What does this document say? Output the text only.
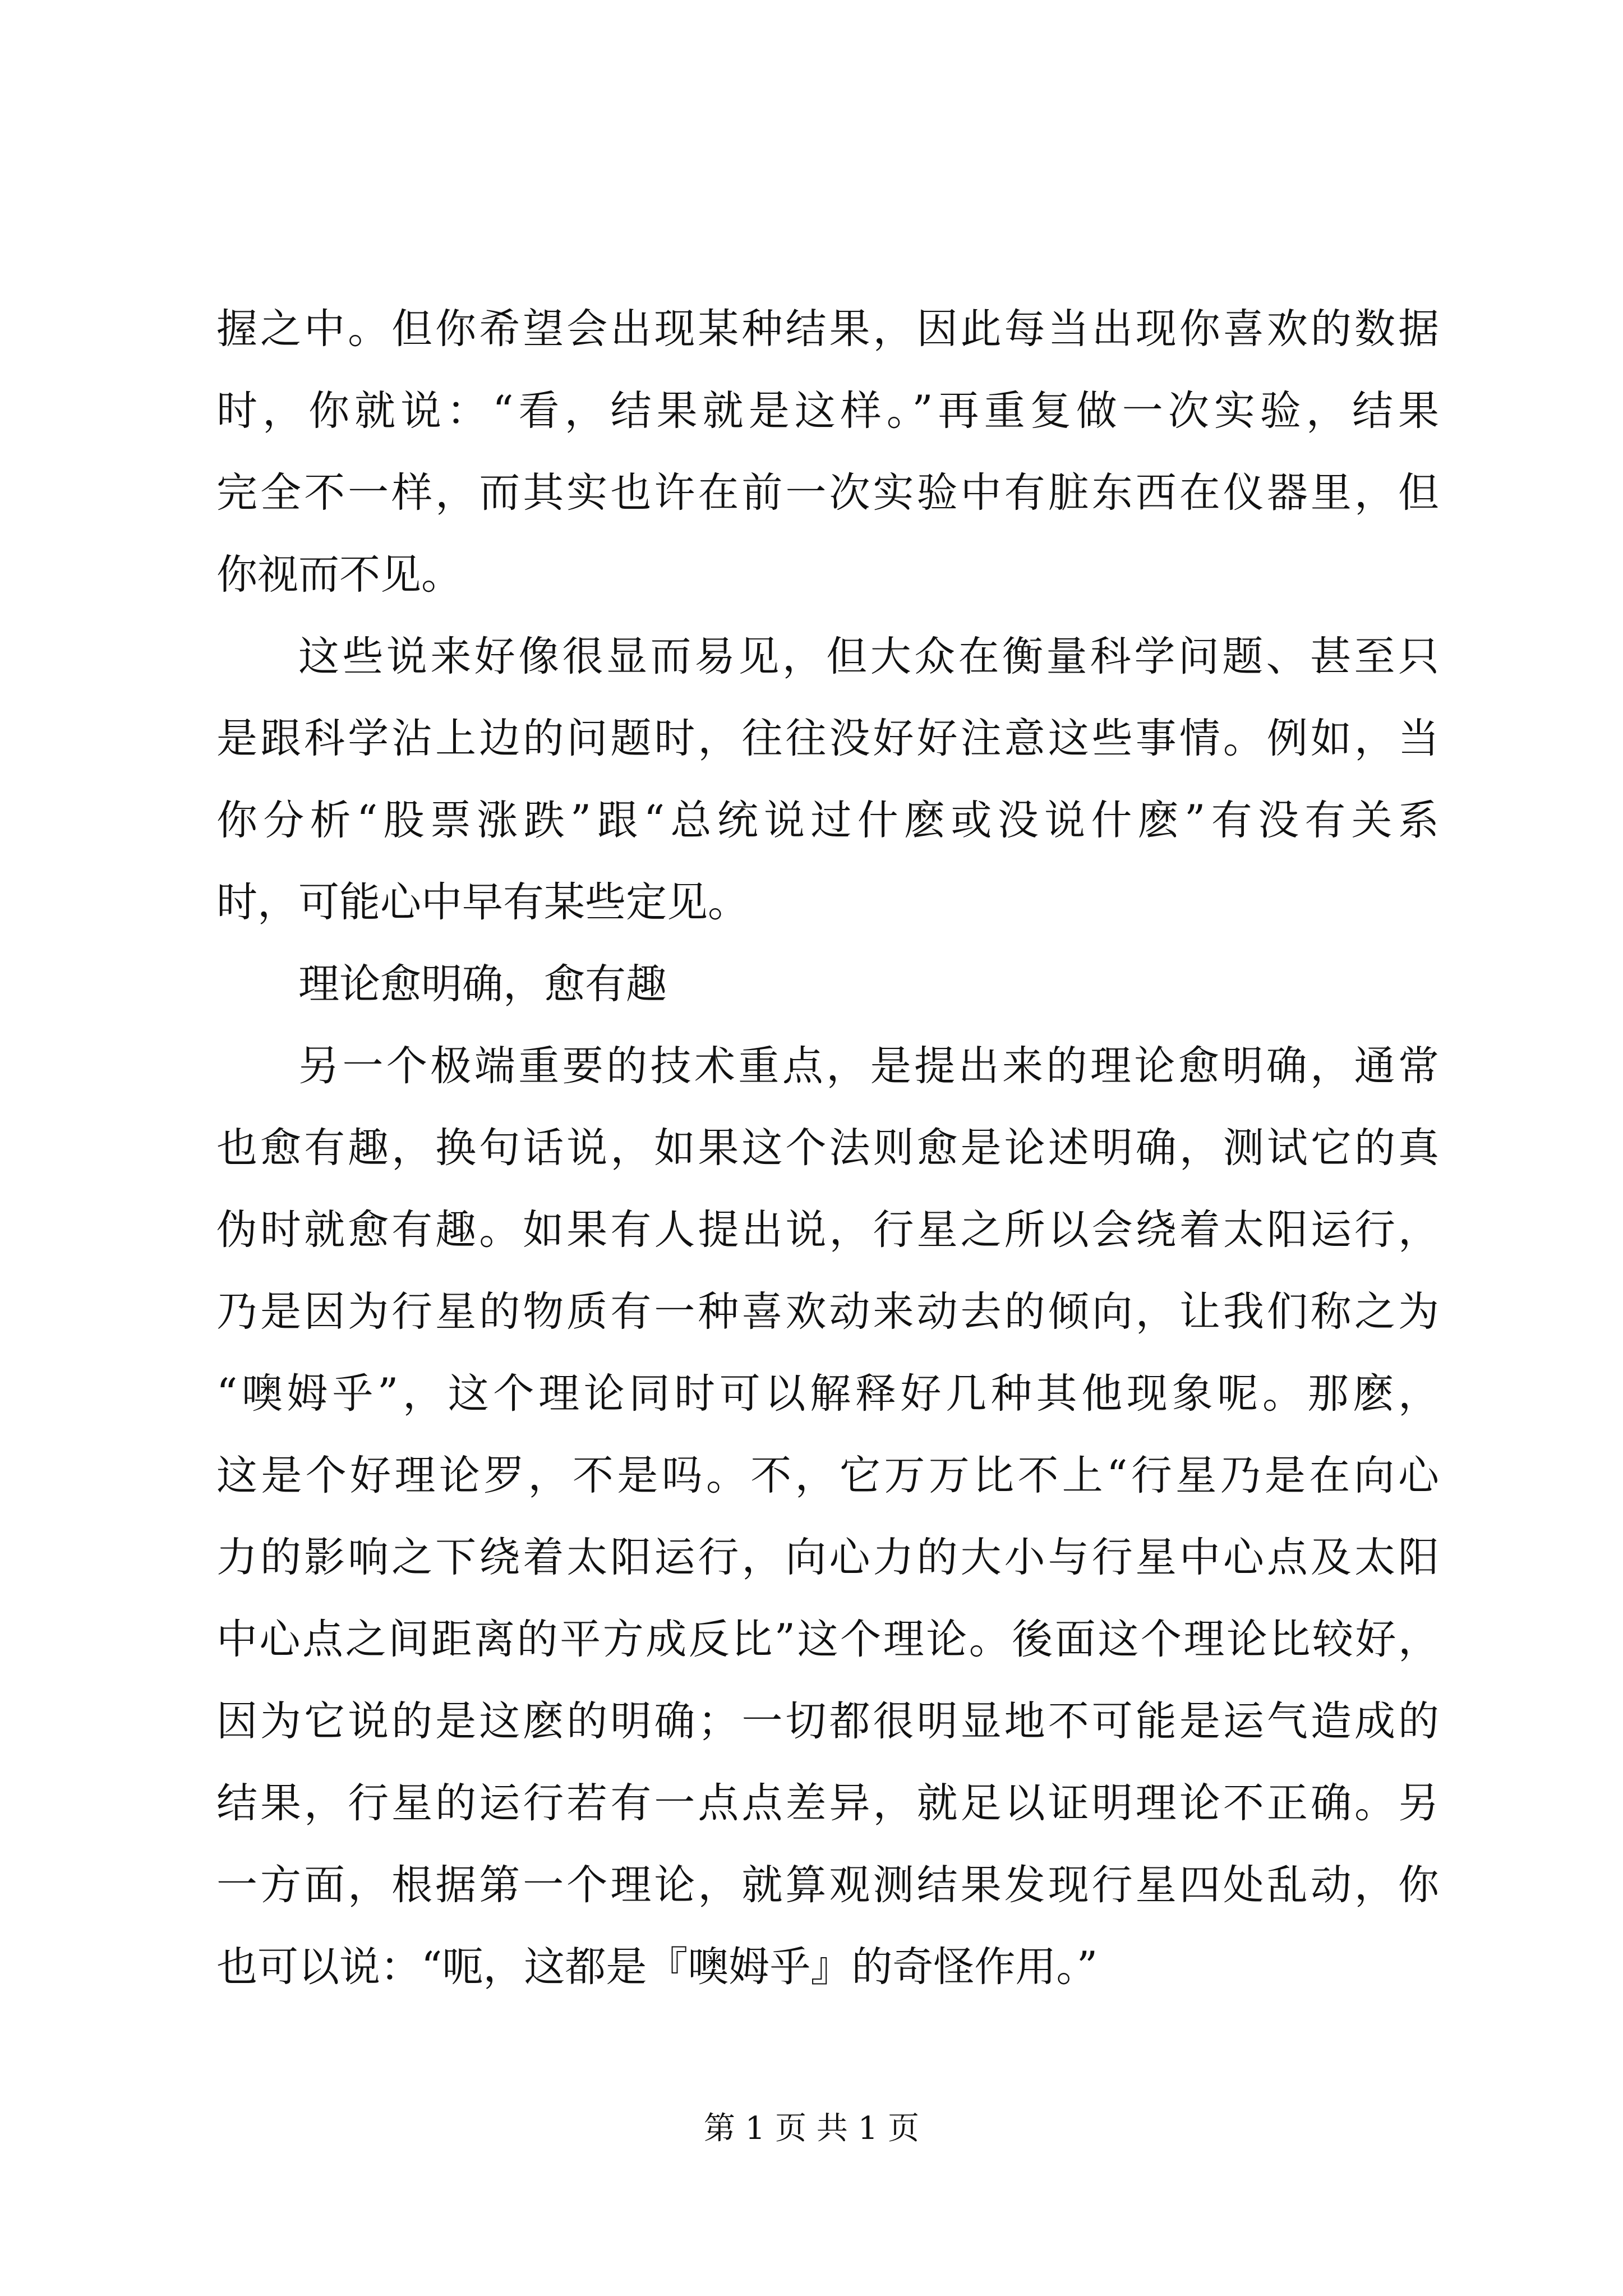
握之中。但你希望会出现某种结果，因此每当出现你喜欢的数据
时，你就说：“看，结果就是这样。”再重复做一次实验，结果
完全不一样，而其实也许在前一次实验中有脏东西在仪器里，但
你视而不见。
这些说来好像很显而易见，但大众在衡量科学问题、甚至只
是跟科学沾上边的问题时，往往没好好注意这些事情。例如，当
你分析“股票涨跌”跟“总统说过什麽或没说什麽”有没有关系
时，可能心中早有某些定见。
理论愈明确，愈有趣
另一个极端重要的技术重点，是提出来的理论愈明确，通常
也愈有趣，换句话说，如果这个法则愈是论述明确，测试它的真
伪时就愈有趣。如果有人提出说，行星之所以会绕着太阳运行，
乃是因为行星的物质有一种喜欢动来动去的倾向，让我们称之为
“噢姆乎”，这个理论同时可以解释好几种其他现象呢。那麽，
这是个好理论罗，不是吗。不，它万万比不上“行星乃是在向心
力的影响之下绕着太阳运行，向心力的大小与行星中心点及太阳
中心点之间距离的平方成反比”这个理论。後面这个理论比较好，
因为它说的是这麽的明确；一切都很明显地不可能是运气造成的
结果，行星的运行若有一点点差异，就足以证明理论不正确。另
一方面，根据第一个理论，就算观测结果发现行星四处乱动，你
也可以说：“呃，这都是『噢姆乎』的奇怪作用。”
第 1 页 共 1 页
